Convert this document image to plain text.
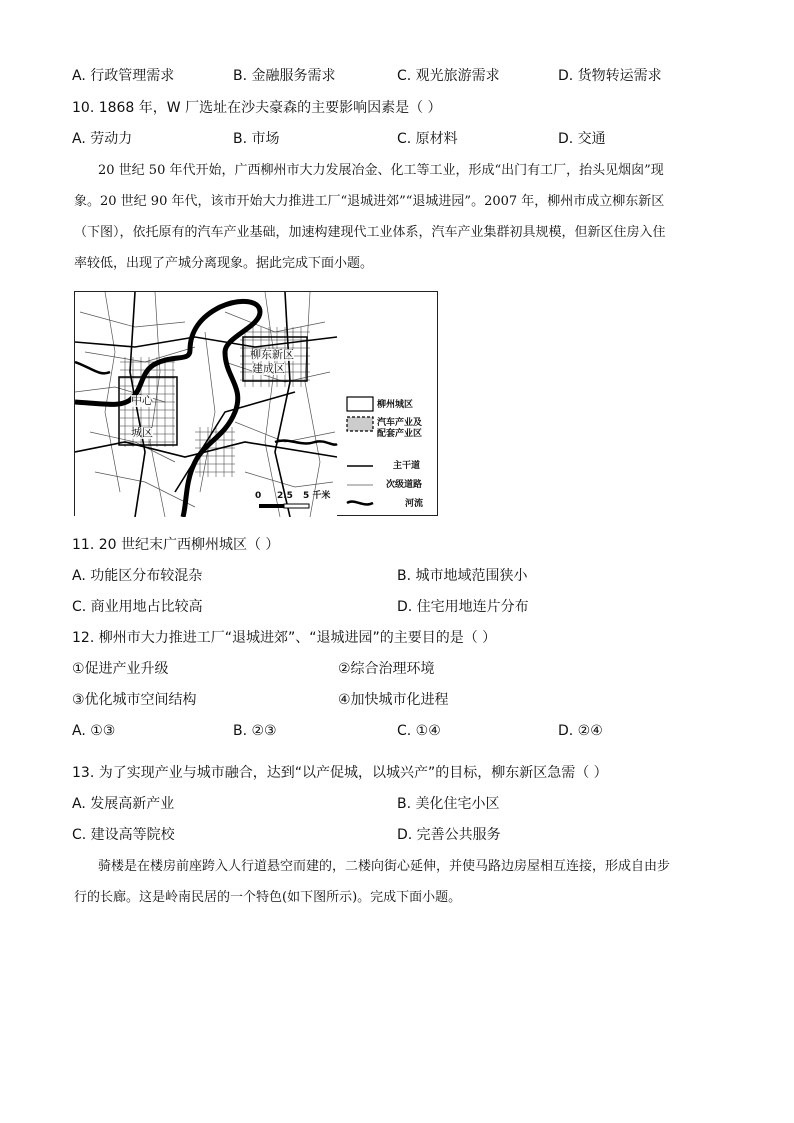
A. 行政管理需求	B. 金融服务需求	C. 观光旅游需求	D. 货物转运需求
10. 1868 年，W 厂选址在沙夫豪森的主要影响因素是（ ）
A. 劳动力	B. 市场	C. 原材料	D. 交通
20 世纪 50 年代开始，广西柳州市大力发展冶金、化工等工业，形成“出门有工厂，抬头见烟囱”现
象。20 世纪 90 年代，该市开始大力推进工厂“退城进郊”“退城进园”。2007 年，柳州市成立柳东新区
（下图），依托原有的汽车产业基础，加速构建现代工业体系，汽车产业集群初具规模，但新区住房入住
率较低，出现了产城分离现象。据此完成下面小题。
柳东新区
建成区
中心
城区
柳州城区
汽车产业及
配套产业区
主干道
次级道路
河流
0 2.5 5 千米
11. 20 世纪末广西柳州城区（ ）
A. 功能区分布较混杂	B. 城市地域范围狭小
C. 商业用地占比较高	D. 住宅用地连片分布
12. 柳州市大力推进工厂“退城进郊”、“退城进园”的主要目的是（ ）
①促进产业升级	②综合治理环境
③优化城市空间结构	④加快城市化进程
A. ①③	B. ②③	C. ①④	D. ②④
13. 为了实现产业与城市融合，达到“以产促城，以城兴产”的目标，柳东新区急需（ ）
A. 发展高新产业	B. 美化住宅小区
C. 建设高等院校	D. 完善公共服务
骑楼是在楼房前座跨入人行道悬空而建的，二楼向街心延伸，并使马路边房屋相互连接，形成自由步
行的长廊。这是岭南民居的一个特色(如下图所示)。完成下面小题。
